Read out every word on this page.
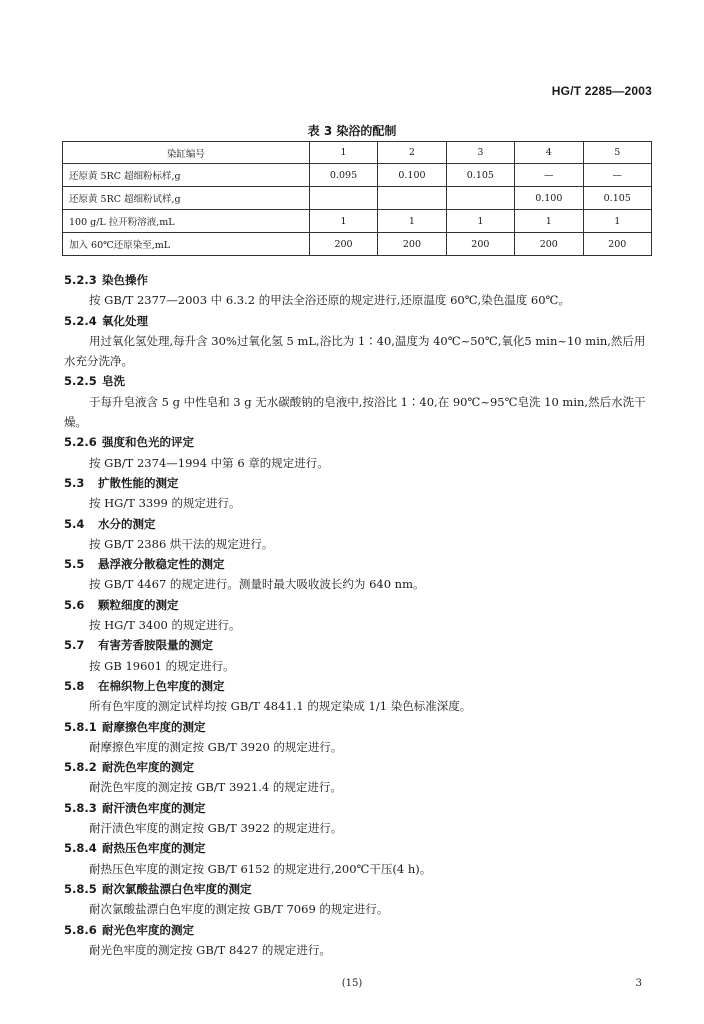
HG/T 2285—2003
表 3 染浴的配制
染缸编号	1	2	3	4	5
还原黄 5RC 超细粉标样,g	0.095	0.100	0.105	—	—
还原黄 5RC 超细粉试样,g				0.100	0.105
100 g/L 拉开粉溶液,mL	1	1	1	1	1
加入 60℃还原染至,mL	200	200	200	200	200
5.2.3 染色操作
按 GB/T 2377—2003 中 6.3.2 的甲法全浴还原的规定进行,还原温度 60℃,染色温度 60℃。
5.2.4 氧化处理
用过氧化氢处理,每升含 30%过氧化氢 5 mL,浴比为 1∶40,温度为 40℃~50℃,氧化5 min~10 min,然后用水充分洗净。
5.2.5 皂洗
于每升皂液含 5 g 中性皂和 3 g 无水碳酸钠的皂液中,按浴比 1∶40,在 90℃~95℃皂洗 10 min,然后水洗干燥。
5.2.6 强度和色光的评定
按 GB/T 2374—1994 中第 6 章的规定进行。
5.3 扩散性能的测定
按 HG/T 3399 的规定进行。
5.4 水分的测定
按 GB/T 2386 烘干法的规定进行。
5.5 悬浮液分散稳定性的测定
按 GB/T 4467 的规定进行。测量时最大吸收波长约为 640 nm。
5.6 颗粒细度的测定
按 HG/T 3400 的规定进行。
5.7 有害芳香胺限量的测定
按 GB 19601 的规定进行。
5.8 在棉织物上色牢度的测定
所有色牢度的测定试样均按 GB/T 4841.1 的规定染成 1/1 染色标准深度。
5.8.1 耐摩擦色牢度的测定
耐摩擦色牢度的测定按 GB/T 3920 的规定进行。
5.8.2 耐洗色牢度的测定
耐洗色牢度的测定按 GB/T 3921.4 的规定进行。
5.8.3 耐汗渍色牢度的测定
耐汗渍色牢度的测定按 GB/T 3922 的规定进行。
5.8.4 耐热压色牢度的测定
耐热压色牢度的测定按 GB/T 6152 的规定进行,200℃干压(4 h)。
5.8.5 耐次氯酸盐漂白色牢度的测定
耐次氯酸盐漂白色牢度的测定按 GB/T 7069 的规定进行。
5.8.6 耐光色牢度的测定
耐光色牢度的测定按 GB/T 8427 的规定进行。
(15)	3
